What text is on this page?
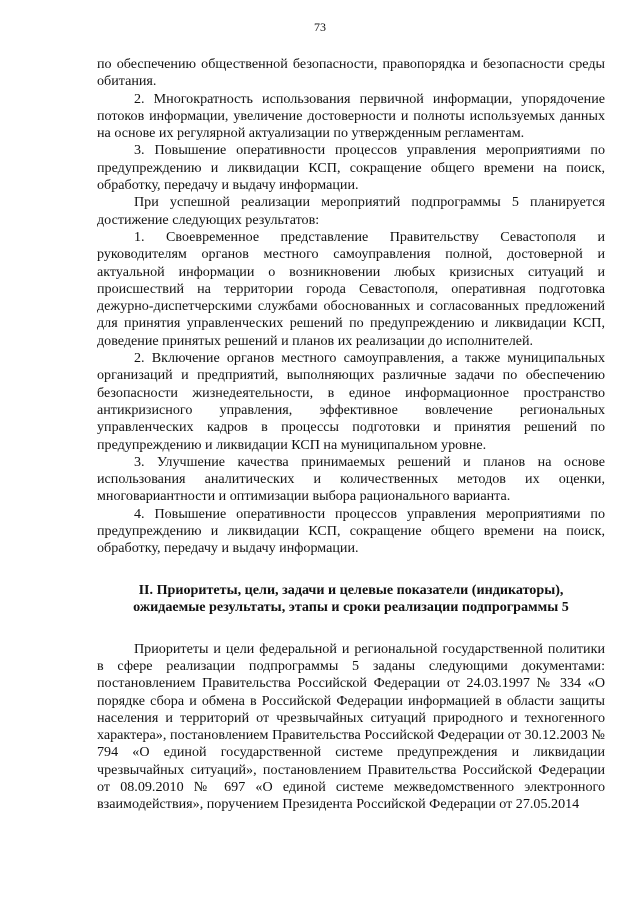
73

по обеспечению общественной безопасности, правопорядка и безопасности среды обитания.

2. Многократность использования первичной информации, упорядочение потоков информации, увеличение достоверности и полноты используемых данных на основе их регулярной актуализации по утвержденным регламентам.

3. Повышение оперативности процессов управления мероприятиями по предупреждению и ликвидации КСП, сокращение общего времени на поиск, обработку, передачу и выдачу информации.

При успешной реализации мероприятий подпрограммы 5 планируется достижение следующих результатов:

1. Своевременное представление Правительству Севастополя и руководителям органов местного самоуправления полной, достоверной и актуальной информации о возникновении любых кризисных ситуаций и происшествий на территории города Севастополя, оперативная подготовка дежурно-диспетчерскими службами обоснованных и согласованных предложений для принятия управленческих решений по предупреждению и ликвидации КСП, доведение принятых решений и планов их реализации до исполнителей.

2. Включение органов местного самоуправления, а также муниципальных организаций и предприятий, выполняющих различные задачи по обеспечению безопасности жизнедеятельности, в единое информационное пространство антикризисного управления, эффективное вовлечение региональных управленческих кадров в процессы подготовки и принятия решений по предупреждению и ликвидации КСП на муниципальном уровне.

3. Улучшение качества принимаемых решений и планов на основе использования аналитических и количественных методов их оценки, многовариантности и оптимизации выбора рационального варианта.

4. Повышение оперативности процессов управления мероприятиями по предупреждению и ликвидации КСП, сокращение общего времени на поиск, обработку, передачу и выдачу информации.

II. Приоритеты, цели, задачи и целевые показатели (индикаторы),
ожидаемые результаты, этапы и сроки реализации подпрограммы 5

Приоритеты и цели федеральной и региональной государственной политики в сфере реализации подпрограммы 5 заданы следующими документами: постановлением Правительства Российской Федерации от 24.03.1997 № 334 «О порядке сбора и обмена в Российской Федерации информацией в области защиты населения и территорий от чрезвычайных ситуаций природного и техногенного характера», постановлением Правительства Российской Федерации от 30.12.2003 № 794 «О единой государственной системе предупреждения и ликвидации чрезвычайных ситуаций», постановлением Правительства Российской Федерации от 08.09.2010 № 697 «О единой системе межведомственного электронного взаимодействия», поручением Президента Российской Федерации от 27.05.2014
